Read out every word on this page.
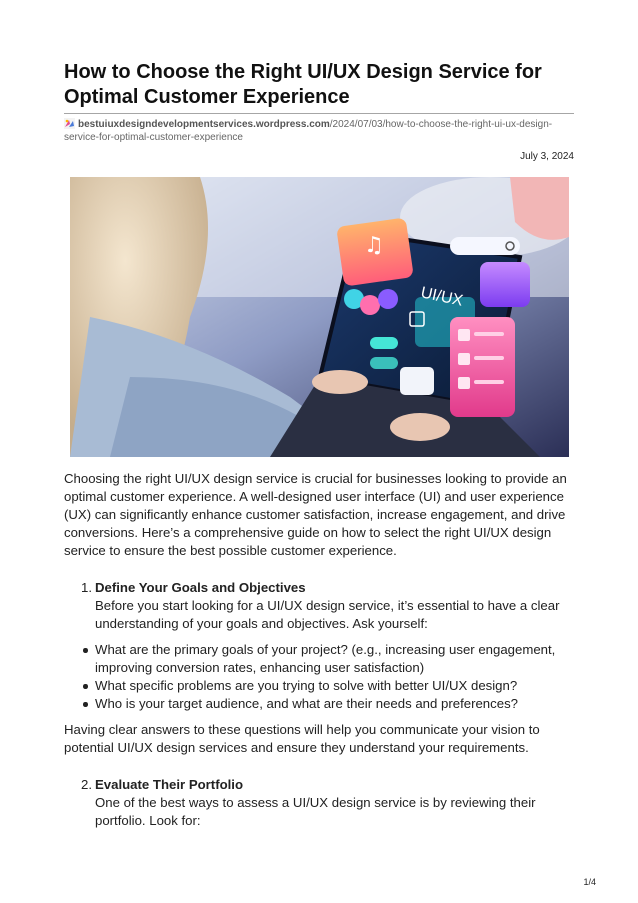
How to Choose the Right UI/UX Design Service for Optimal Customer Experience
bestuiuxdesigndevelopmentservices.wordpress.com/2024/07/03/how-to-choose-the-right-ui-ux-design-service-for-optimal-customer-experience
July 3, 2024
UI/UX
♫

Choosing the right UI/UX design service is crucial for businesses looking to provide an optimal customer experience. A well-designed user interface (UI) and user experience (UX) can significantly enhance customer satisfaction, increase engagement, and drive conversions. Here’s a comprehensive guide on how to select the right UI/UX design service to ensure the best possible customer experience.

1. Define Your Goals and Objectives
Before you start looking for a UI/UX design service, it’s essential to have a clear understanding of your goals and objectives. Ask yourself:
What are the primary goals of your project? (e.g., increasing user engagement, improving conversion rates, enhancing user satisfaction)
What specific problems are you trying to solve with better UI/UX design?
Who is your target audience, and what are their needs and preferences?

Having clear answers to these questions will help you communicate your vision to potential UI/UX design services and ensure they understand your requirements.

2. Evaluate Their Portfolio
One of the best ways to assess a UI/UX design service is by reviewing their portfolio. Look for:
1/4
